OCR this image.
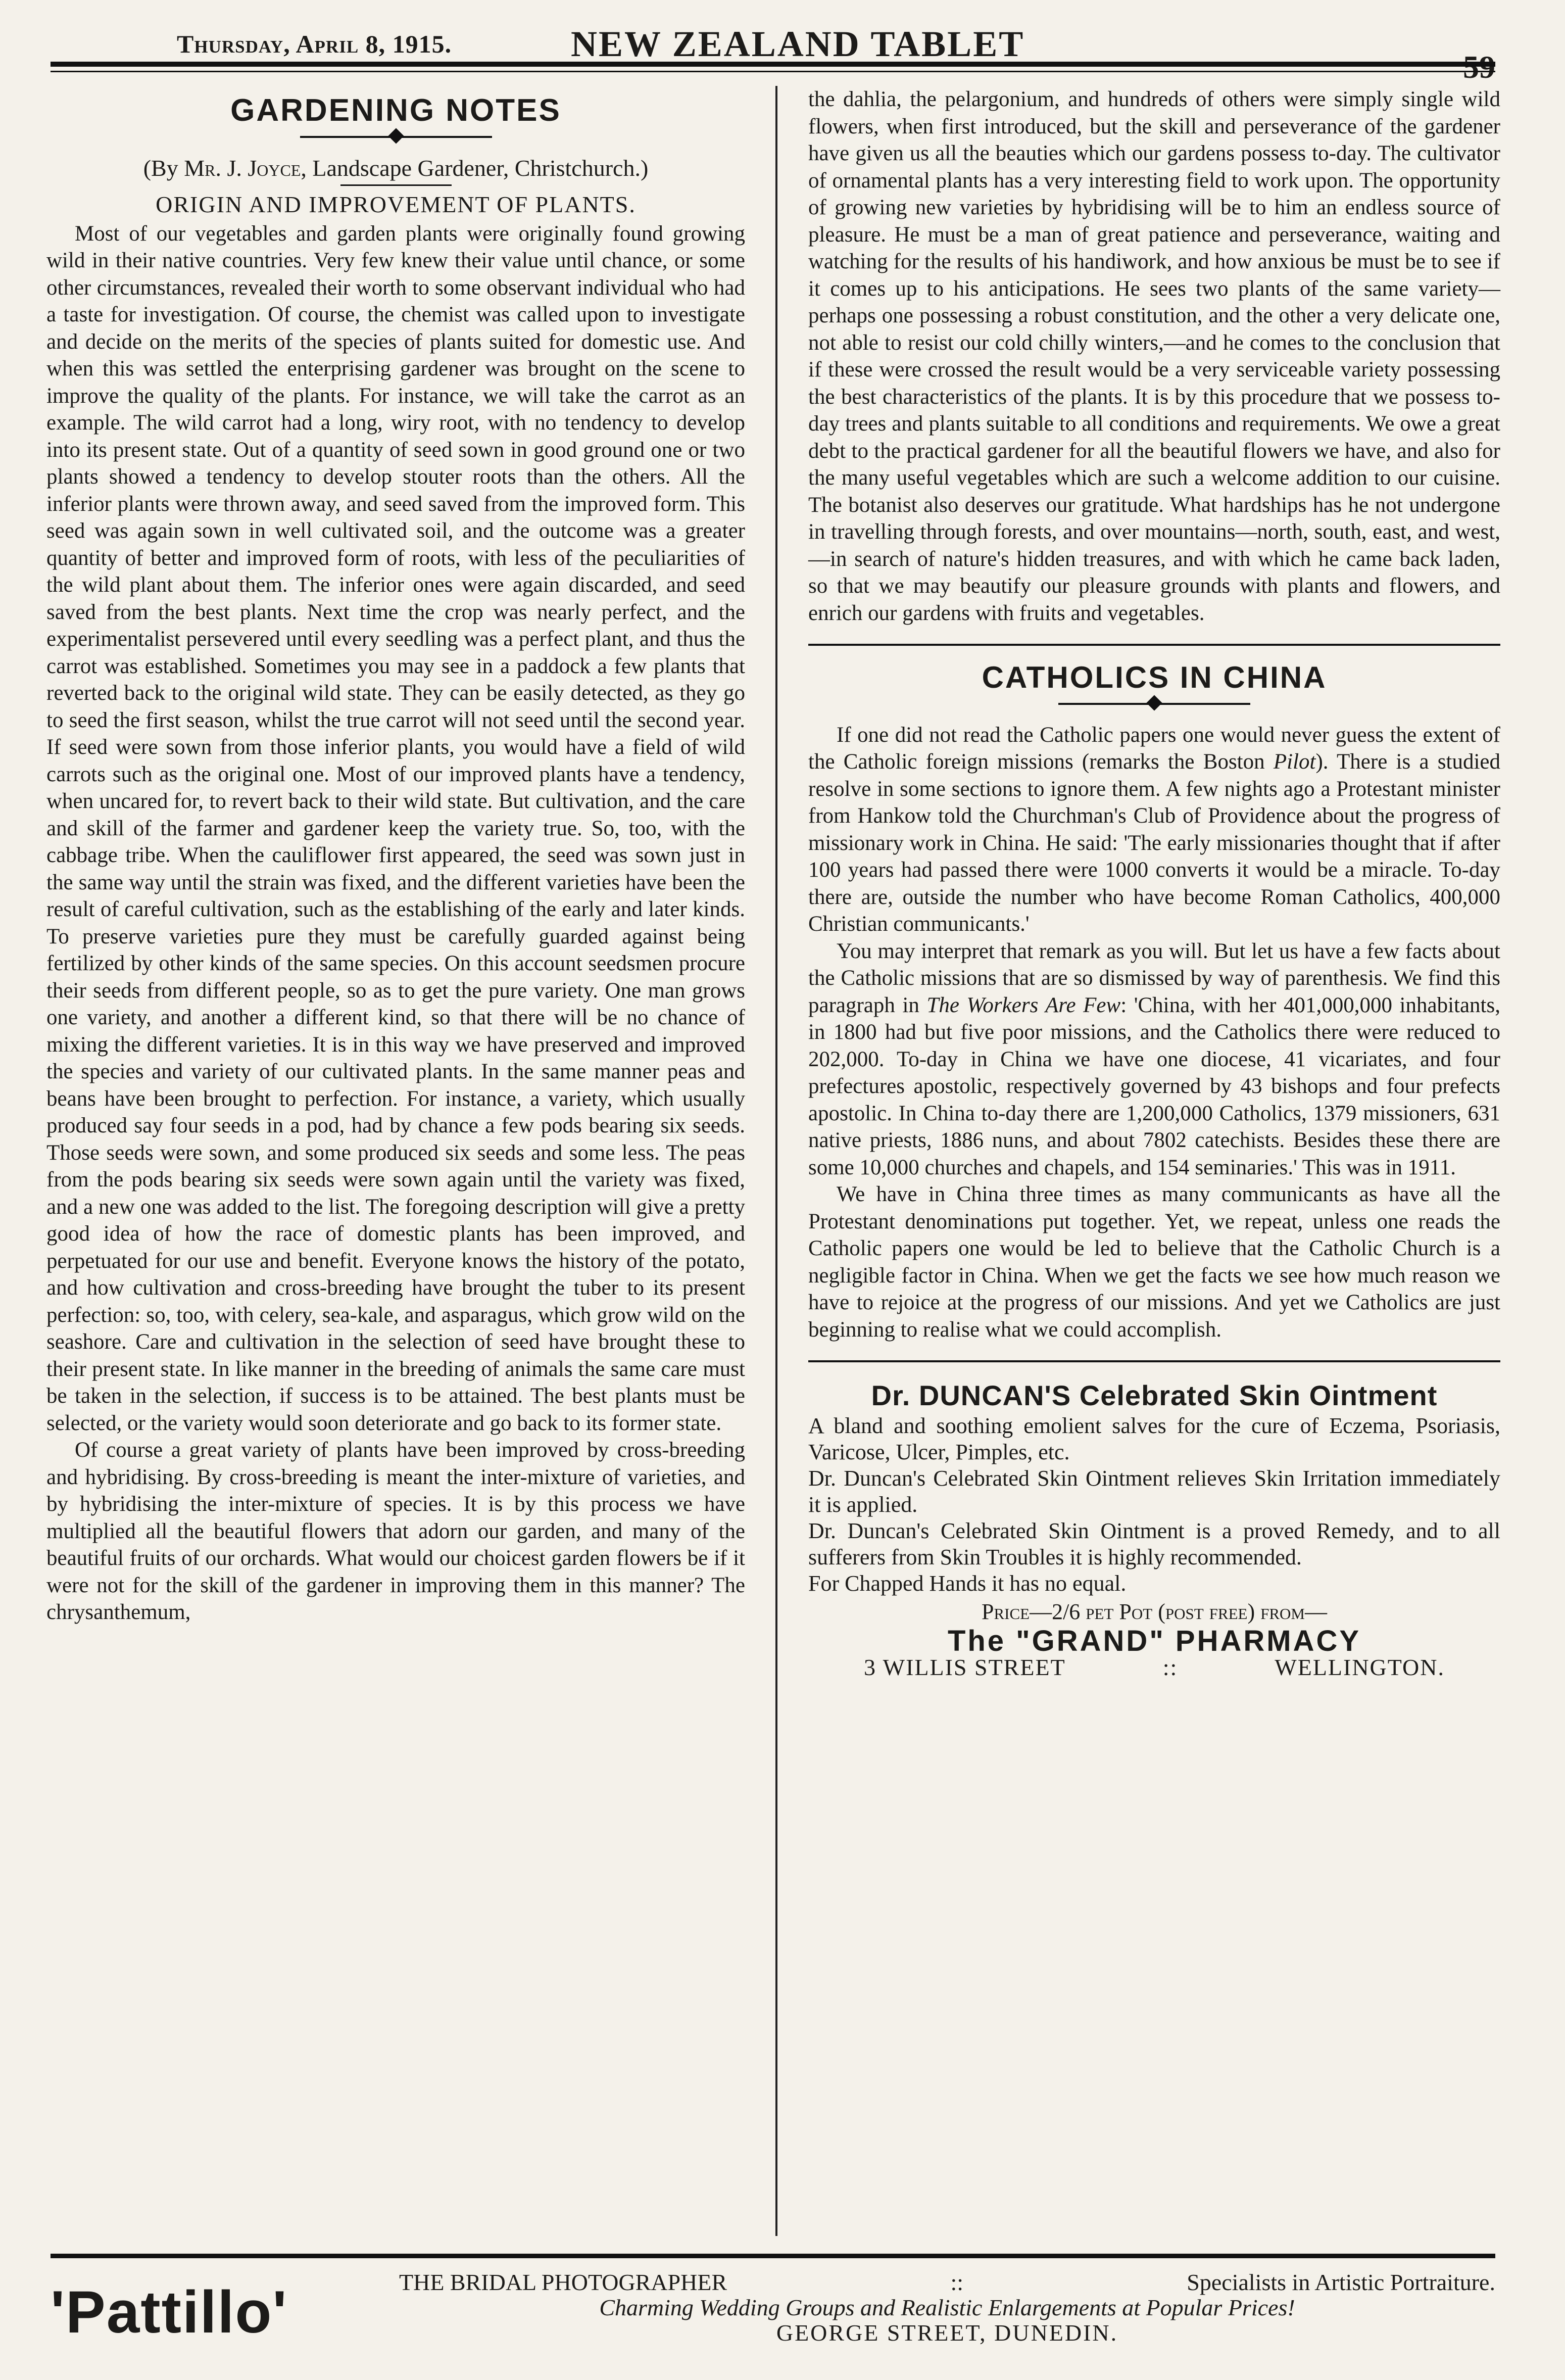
Thursday, April 8, 1915.	NEW ZEALAND TABLET
59
GARDENING NOTES
(By Mr. J. Joyce, Landscape Gardener, Christchurch.)
ORIGIN AND IMPROVEMENT OF PLANTS.

Most of our vegetables and garden plants were originally found growing wild in their native countries. Very few knew their value until chance, or some other circumstances, revealed their worth to some observant individual who had a taste for investigation. Of course, the chemist was called upon to investigate and decide on the merits of the species of plants suited for domestic use. And when this was settled the enterprising gardener was brought on the scene to improve the quality of the plants. For instance, we will take the carrot as an example. The wild carrot had a long, wiry root, with no tendency to develop into its present state. Out of a quantity of seed sown in good ground one or two plants showed a tendency to develop stouter roots than the others. All the inferior plants were thrown away, and seed saved from the improved form. This seed was again sown in well cultivated soil, and the outcome was a greater quantity of better and improved form of roots, with less of the peculiarities of the wild plant about them. The inferior ones were again discarded, and seed saved from the best plants. Next time the crop was nearly perfect, and the experimentalist persevered until every seedling was a perfect plant, and thus the carrot was established. Sometimes you may see in a paddock a few plants that reverted back to the original wild state. They can be easily detected, as they go to seed the first season, whilst the true carrot will not seed until the second year. If seed were sown from those inferior plants, you would have a field of wild carrots such as the original one. Most of our improved plants have a tendency, when uncared for, to revert back to their wild state. But cultivation, and the care and skill of the farmer and gardener keep the variety true. So, too, with the cabbage tribe. When the cauliflower first appeared, the seed was sown just in the same way until the strain was fixed, and the different varieties have been the result of careful cultivation, such as the establishing of the early and later kinds. To preserve varieties pure they must be carefully guarded against being fertilized by other kinds of the same species. On this account seedsmen procure their seeds from different people, so as to get the pure variety. One man grows one variety, and another a different kind, so that there will be no chance of mixing the different varieties. It is in this way we have preserved and improved the species and variety of our cultivated plants. In the same manner peas and beans have been brought to perfection. For instance, a variety, which usually produced say four seeds in a pod, had by chance a few pods bearing six seeds. Those seeds were sown, and some produced six seeds and some less. The peas from the pods bearing six seeds were sown again until the variety was fixed, and a new one was added to the list. The foregoing description will give a pretty good idea of how the race of domestic plants has been improved, and perpetuated for our use and benefit. Everyone knows the history of the potato, and how cultivation and cross-breeding have brought the tuber to its present perfection: so, too, with celery, sea-kale, and asparagus, which grow wild on the seashore. Care and cultivation in the selection of seed have brought these to their present state. In like manner in the breeding of animals the same care must be taken in the selection, if success is to be attained. The best plants must be selected, or the variety would soon deteriorate and go back to its former state.

Of course a great variety of plants have been improved by cross-breeding and hybridising. By cross-breeding is meant the inter-mixture of varieties, and by hybridising the inter-mixture of species. It is by this process we have multiplied all the beautiful flowers that adorn our garden, and many of the beautiful fruits of our orchards. What would our choicest garden flowers be if it were not for the skill of the gardener in improving them in this manner? The chrysanthemum,

the dahlia, the pelargonium, and hundreds of others were simply single wild flowers, when first introduced, but the skill and perseverance of the gardener have given us all the beauties which our gardens possess to-day. The cultivator of ornamental plants has a very interesting field to work upon. The opportunity of growing new varieties by hybridising will be to him an endless source of pleasure. He must be a man of great patience and perseverance, waiting and watching for the results of his handiwork, and how anxious be must be to see if it comes up to his anticipations. He sees two plants of the same variety—perhaps one possessing a robust constitution, and the other a very delicate one, not able to resist our cold chilly winters,—and he comes to the conclusion that if these were crossed the result would be a very serviceable variety possessing the best characteristics of the plants. It is by this procedure that we possess to-day trees and plants suitable to all conditions and requirements. We owe a great debt to the practical gardener for all the beautiful flowers we have, and also for the many useful vegetables which are such a welcome addition to our cuisine. The botanist also deserves our gratitude. What hardships has he not undergone in travelling through forests, and over mountains—north, south, east, and west,—in search of nature's hidden treasures, and with which he came back laden, so that we may beautify our pleasure grounds with plants and flowers, and enrich our gardens with fruits and vegetables.

CATHOLICS IN CHINA

If one did not read the Catholic papers one would never guess the extent of the Catholic foreign missions (remarks the Boston Pilot). There is a studied resolve in some sections to ignore them. A few nights ago a Protestant minister from Hankow told the Churchman's Club of Providence about the progress of missionary work in China. He said: 'The early missionaries thought that if after 100 years had passed there were 1000 converts it would be a miracle. To-day there are, outside the number who have become Roman Catholics, 400,000 Christian communicants.'

You may interpret that remark as you will. But let us have a few facts about the Catholic missions that are so dismissed by way of parenthesis. We find this paragraph in The Workers Are Few: 'China, with her 401,000,000 inhabitants, in 1800 had but five poor missions, and the Catholics there were reduced to 202,000. To-day in China we have one diocese, 41 vicariates, and four prefectures apostolic, respectively governed by 43 bishops and four prefects apostolic. In China to-day there are 1,200,000 Catholics, 1379 missioners, 631 native priests, 1886 nuns, and about 7802 catechists. Besides these there are some 10,000 churches and chapels, and 154 seminaries.' This was in 1911.

We have in China three times as many communicants as have all the Protestant denominations put together. Yet, we repeat, unless one reads the Catholic papers one would be led to believe that the Catholic Church is a negligible factor in China. When we get the facts we see how much reason we have to rejoice at the progress of our missions. And yet we Catholics are just beginning to realise what we could accomplish.

Dr. DUNCAN'S Celebrated Skin Ointment
A bland and soothing emolient salves for the cure of Eczema, Psoriasis, Varicose, Ulcer, Pimples, etc.
Dr. Duncan's Celebrated Skin Ointment relieves Skin Irritation immediately it is applied.
Dr. Duncan's Celebrated Skin Ointment is a proved Remedy, and to all sufferers from Skin Troubles it is highly recommended.
For Chapped Hands it has no equal.
Price—2/6 pet Pot (post free) from—
The "GRAND" PHARMACY
3 WILLIS STREET	::	WELLINGTON.
'Pattillo'	THE BRIDAL PHOTOGRAPHER	::	Specialists in Artistic Portraiture.
Charming Wedding Groups and Realistic Enlargements at Popular Prices!
GEORGE STREET, DUNEDIN.
